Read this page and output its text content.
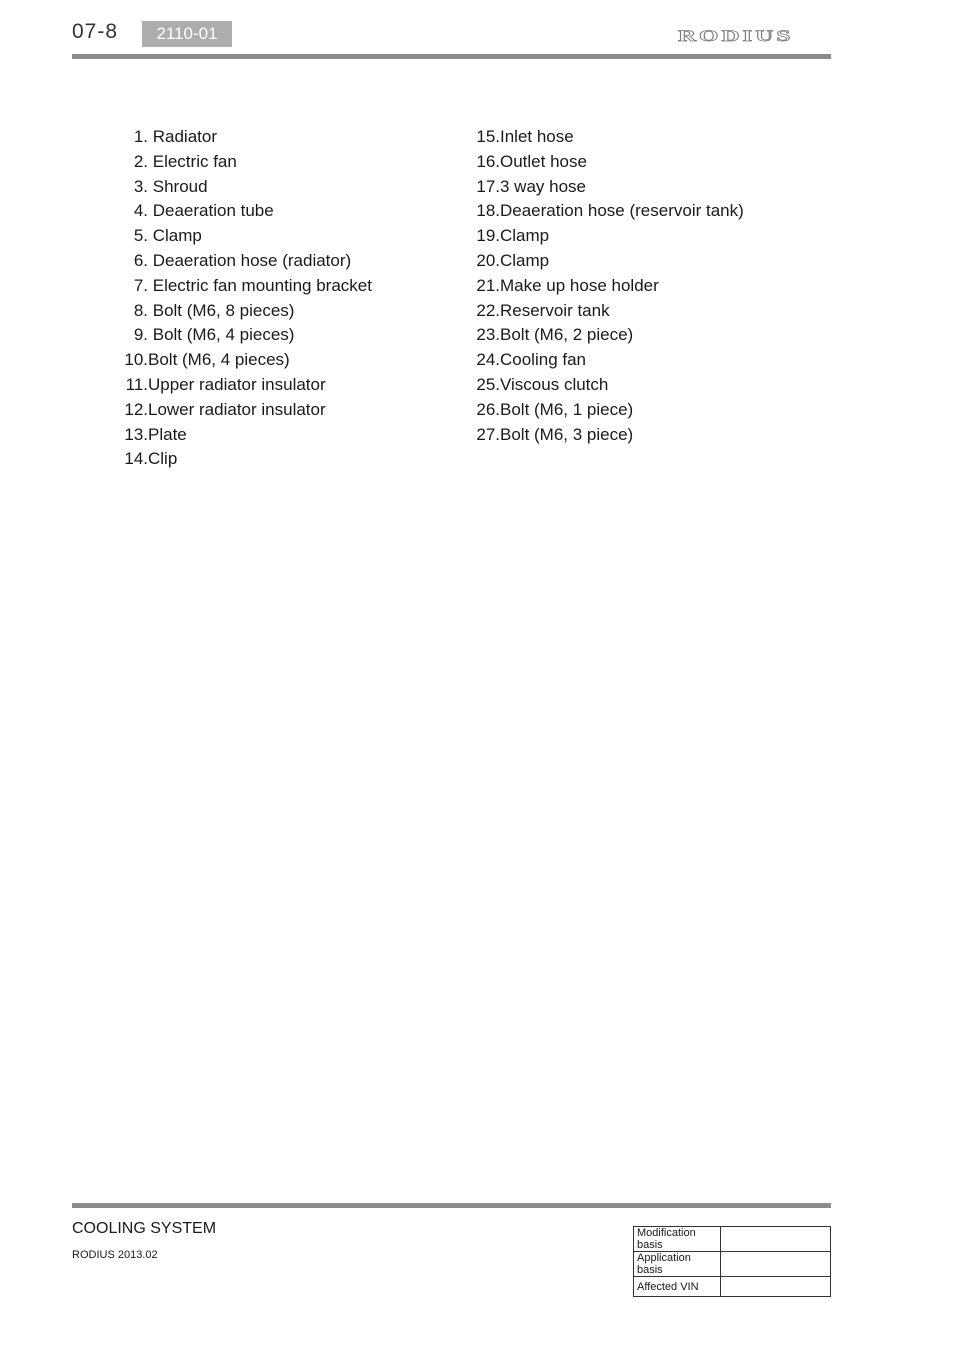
07-8	2110-01	RODIUS
1. Radiator
2. Electric fan
3. Shroud
4. Deaeration tube
5. Clamp
6. Deaeration hose (radiator)
7. Electric fan mounting bracket
8. Bolt (M6, 8 pieces)
9. Bolt (M6, 4 pieces)
10.Bolt (M6, 4 pieces)
11.Upper radiator insulator
12.Lower radiator insulator
13.Plate
14.Clip
15.Inlet hose
16.Outlet hose
17.3 way hose
18.Deaeration hose (reservoir tank)
19.Clamp
20.Clamp
21.Make up hose holder
22.Reservoir tank
23.Bolt (M6, 2 piece)
24.Cooling fan
25.Viscous clutch
26.Bolt (M6, 1 piece)
27.Bolt (M6, 3 piece)
COOLING SYSTEM
RODIUS 2013.02
Modification basis	
Application basis	
Affected VIN	
